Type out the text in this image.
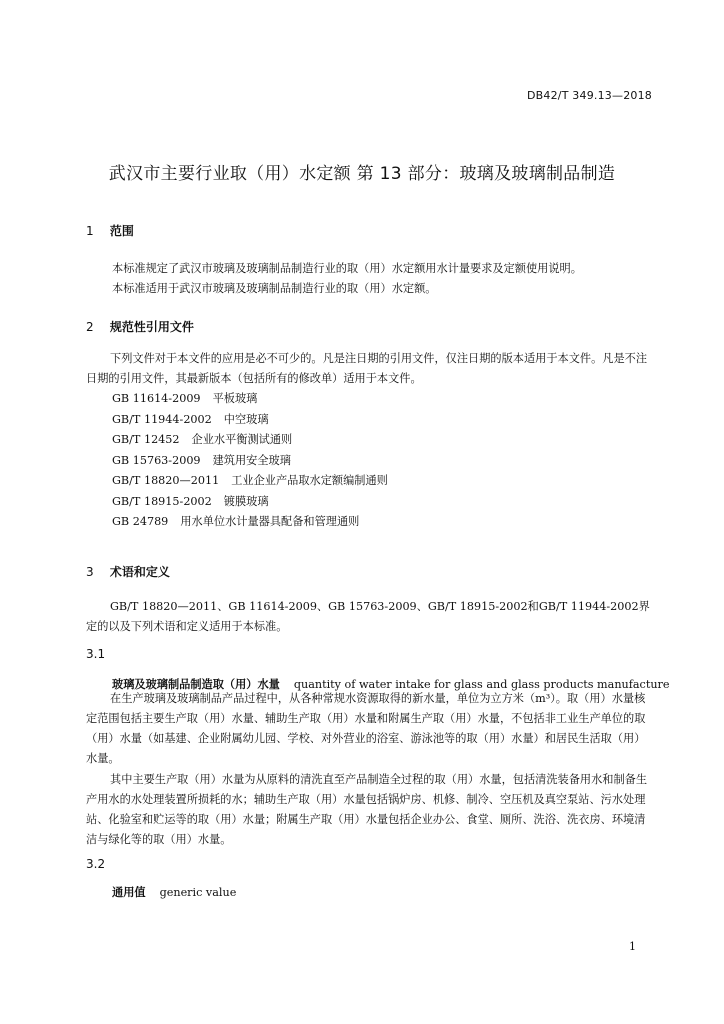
DB42/T 349.13—2018
武汉市主要行业取（用）水定额 第 13 部分：玻璃及玻璃制品制造
1 范围
本标准规定了武汉市玻璃及玻璃制品制造行业的取（用）水定额用水计量要求及定额使用说明。
本标准适用于武汉市玻璃及玻璃制品制造行业的取（用）水定额。
2 规范性引用文件

下列文件对于本文件的应用是必不可少的。凡是注日期的引用文件，仅注日期的版本适用于本文件。凡是不注日期的引用文件，其最新版本（包括所有的修改单）适用于本文件。

GB 11614-2009 平板玻璃
GB/T 11944-2002 中空玻璃
GB/T 12452 企业水平衡测试通则
GB 15763-2009 建筑用安全玻璃
GB/T 18820—2011 工业企业产品取水定额编制通则
GB/T 18915-2002 镀膜玻璃
GB 24789 用水单位水计量器具配备和管理通则
3 术语和定义

GB/T 18820—2011、GB 11614-2009、GB 15763-2009、GB/T 18915-2002和GB/T 11944-2002界定的以及下列术语和定义适用于本标准。

3.1
玻璃及玻璃制品制造取（用）水量 quantity of water intake for glass and glass products manufacture

在生产玻璃及玻璃制品产品过程中，从各种常规水资源取得的新水量，单位为立方米（m³）。取（用）水量核定范围包括主要生产取（用）水量、辅助生产取（用）水量和附属生产取（用）水量，不包括非工业生产单位的取（用）水量（如基建、企业附属幼儿园、学校、对外营业的浴室、游泳池等的取（用）水量）和居民生活取（用）水量。

其中主要生产取（用）水量为从原料的清洗直至产品制造全过程的取（用）水量，包括清洗装备用水和制备生产用水的水处理装置所损耗的水；辅助生产取（用）水量包括锅炉房、机修、制冷、空压机及真空泵站、污水处理站、化验室和贮运等的取（用）水量；附属生产取（用）水量包括企业办公、食堂、厕所、洗浴、洗衣房、环境清洁与绿化等的取（用）水量。

3.2
通用值 generic value
1
